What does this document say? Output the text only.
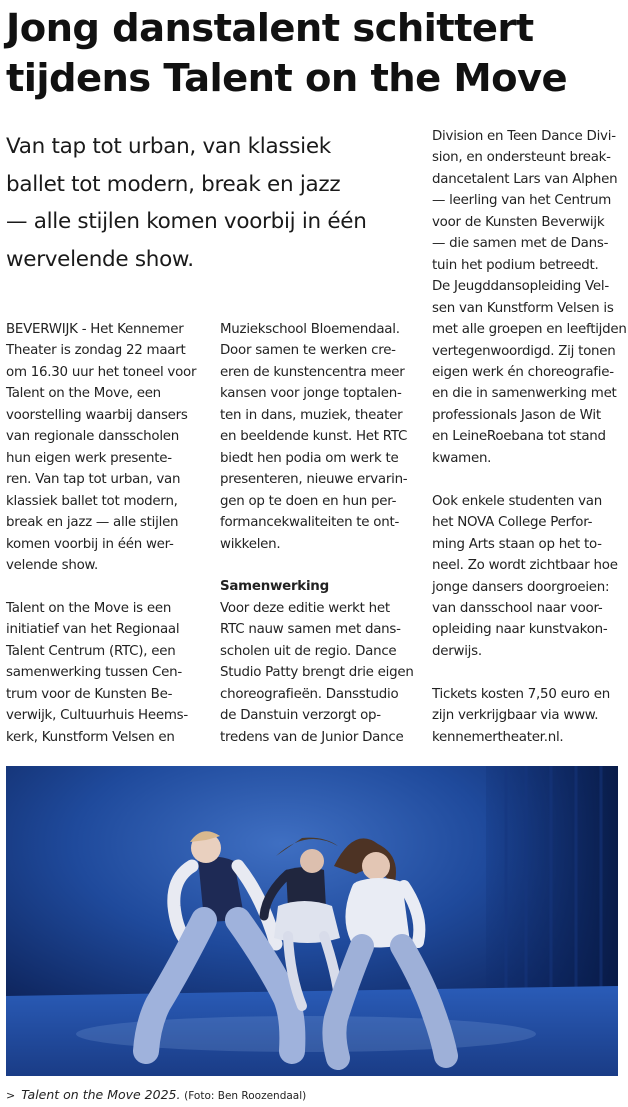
Jong danstalent schittert
tijdens Talent on the Move
Van tap tot urban, van klassiek
ballet tot modern, break en jazz
— alle stijlen komen voorbij in één
wervelende show.
BEVERWIJK - Het Kennemer
Theater is zondag 22 maart
om 16.30 uur het toneel voor
Talent on the Move, een
voorstelling waarbij dansers
van regionale dansscholen
hun eigen werk presente-
ren. Van tap tot urban, van
klassiek ballet tot modern,
break en jazz — alle stijlen
komen voorbij in één wer-
velende show.
Talent on the Move is een
initiatief van het Regionaal
Talent Centrum (RTC), een
samenwerking tussen Cen-
trum voor de Kunsten Be-
verwijk, Cultuurhuis Heems-
kerk, Kunstform Velsen en
Muziekschool Bloemendaal.
Door samen te werken cre-
eren de kunstencentra meer
kansen voor jonge toptalen-
ten in dans, muziek, theater
en beeldende kunst. Het RTC
biedt hen podia om werk te
presenteren, nieuwe ervarin-
gen op te doen en hun per-
formancekwaliteiten te ont-
wikkelen.
Samenwerking
Voor deze editie werkt het
RTC nauw samen met dans-
scholen uit de regio. Dance
Studio Patty brengt drie eigen
choreografieën. Dansstudio
de Danstuin verzorgt op-
tredens van de Junior Dance
Division en Teen Dance Divi-
sion, en ondersteunt break-
dancetalent Lars van Alphen
— leerling van het Centrum
voor de Kunsten Beverwijk
— die samen met de Dans-
tuin het podium betreedt.
De Jeugddansopleiding Vel-
sen van Kunstform Velsen is
met alle groepen en leeftijden
vertegenwoordigd. Zij tonen
eigen werk én choreografie-
en die in samenwerking met
professionals Jason de Wit
en LeineRoebana tot stand
kwamen.
Ook enkele studenten van
het NOVA College Perfor-
ming Arts staan op het to-
neel. Zo wordt zichtbaar hoe
jonge dansers doorgroeien:
van dansschool naar voor-
opleiding naar kunstvakon-
derwijs.
Tickets kosten 7,50 euro en
zijn verkrijgbaar via www.
kennemertheater.nl.
> Talent on the Move 2025. (Foto: Ben Roozendaal)
